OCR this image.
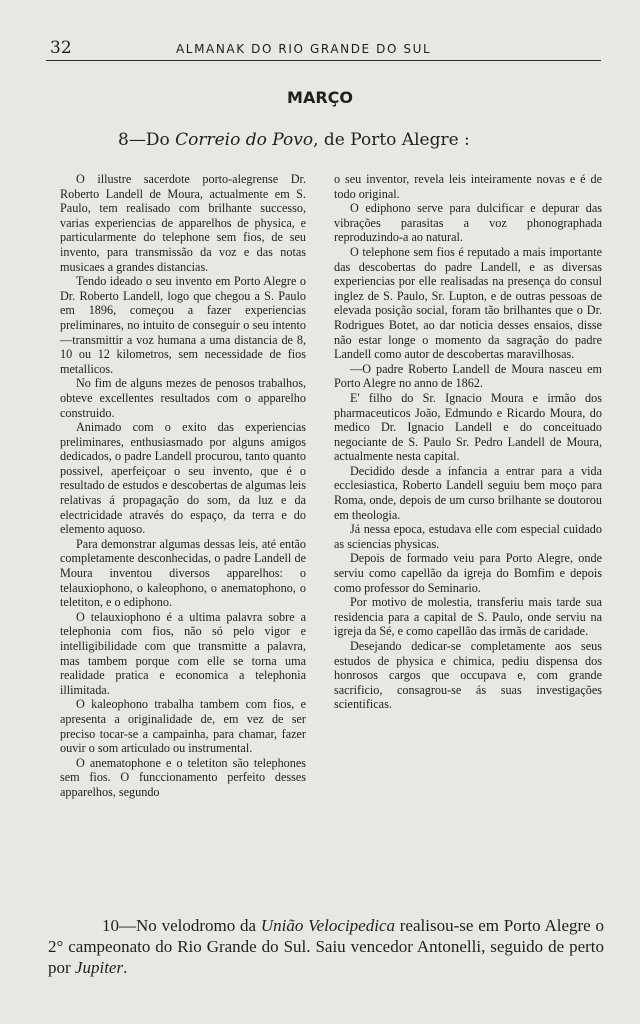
32	ALMANAK DO RIO GRANDE DO SUL
MARÇO
8—Do Correio do Povo, de Porto Alegre :

O illustre sacerdote porto-alegrense Dr. Roberto Landell de Moura, actualmente em S. Paulo, tem realisado com brilhante successo, varias experiencias de apparelhos de physica, e particularmente do telephone sem fios, de seu invento, para transmissão da voz e das notas musicaes a grandes distancias.

Tendo ideado o seu invento em Porto Alegre o Dr. Roberto Landell, logo que chegou a S. Paulo em 1896, começou a fazer experiencias preliminares, no intuito de conseguir o seu intento—transmittir a voz humana a uma distancia de 8, 10 ou 12 kilometros, sem necessidade de fios metallicos.

No fim de alguns mezes de penosos trabalhos, obteve excellentes resultados com o apparelho construido.

Animado com o exito das experiencias preliminares, enthusiasmado por alguns amigos dedicados, o padre Landell procurou, tanto quanto possivel, aperfeiçoar o seu invento, que é o resultado de estudos e descobertas de algumas leis relativas á propagação do som, da luz e da electricidade através do espaço, da terra e do elemento aquoso.

Para demonstrar algumas dessas leis, até então completamente desconhecidas, o padre Landell de Moura inventou diversos apparelhos: o telauxiophono, o kaleophono, o anematophono, o teletiton, e o ediphono.

O telauxiophono é a ultima palavra sobre a telephonia com fios, não só pelo vigor e intelligibilidade com que transmitte a palavra, mas tambem porque com elle se torna uma realidade pratica e economica a telephonia illimitada.

O kaleophono trabalha tambem com fios, e apresenta a originalidade de, em vez de ser preciso tocar-se a campainha, para chamar, fazer ouvir o som articulado ou instrumental.

O anematophone e o teletiton são telephones sem fios. O funccionamento perfeito desses apparelhos, segundo

o seu inventor, revela leis inteiramente novas e é de todo original.

O ediphono serve para dulcificar e depurar das vibrações parasitas a voz phonographada reproduzindo-a ao natural.

O telephone sem fios é reputado a mais importante das descobertas do padre Landell, e as diversas experiencias por elle realisadas na presença do consul inglez de S. Paulo, Sr. Lupton, e de outras pessoas de elevada posição social, foram tão brilhantes que o Dr. Rodrigues Botet, ao dar noticia desses ensaios, disse não estar longe o momento da sagração do padre Landell como autor de descobertas maravilhosas.

—O padre Roberto Landell de Moura nasceu em Porto Alegre no anno de 1862.

E' filho do Sr. Ignacio Moura e irmão dos pharmaceuticos João, Edmundo e Ricardo Moura, do medico Dr. Ignacio Landell e do conceituado negociante de S. Paulo Sr. Pedro Landell de Moura, actualmente nesta capital.

Decidido desde a infancia a entrar para a vida ecclesiastica, Roberto Landell seguiu bem moço para Roma, onde, depois de um curso brilhante se doutorou em theologia.

Já nessa epoca, estudava elle com especial cuidado as sciencias physicas.

Depois de formado veiu para Porto Alegre, onde serviu como capellão da igreja do Bomfim e depois como professor do Seminario.

Por motivo de molestia, transferiu mais tarde sua residencia para a capital de S. Paulo, onde serviu na igreja da Sé, e como capellão das irmãs de caridade.

Desejando dedicar-se completamente aos seus estudos de physica e chimica, pediu dispensa dos honrosos cargos que occupava e, com grande sacrificio, consagrou-se ás suas investigações scientificas.

10—No velodromo da União Velocipedica realisou-se em Porto Alegre o 2° campeonato do Rio Grande do Sul. Saiu vencedor Antonelli, seguido de perto por Jupiter.
